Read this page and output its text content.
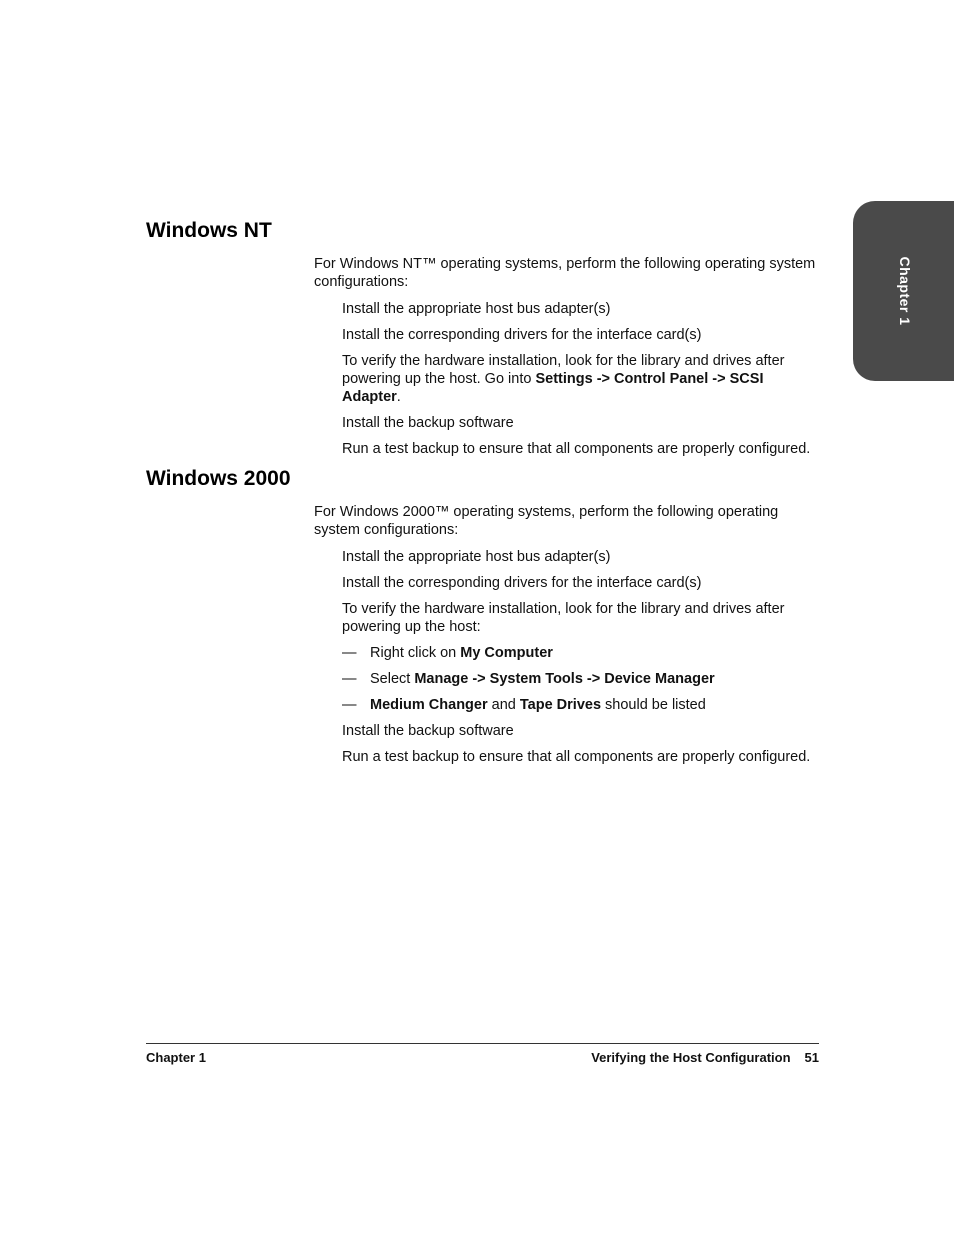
Chapter 1
Windows NT

For Windows NT™ operating systems, perform the following operating system configurations:

Install the appropriate host bus adapter(s)

Install the corresponding drivers for the interface card(s)

To verify the hardware installation, look for the library and drives after powering up the host. Go into Settings -> Control Panel -> SCSI Adapter.

Install the backup software

Run a test backup to ensure that all components are properly configured.

Windows 2000

For Windows 2000™ operating systems, perform the following operating system configurations:

Install the appropriate host bus adapter(s)

Install the corresponding drivers for the interface card(s)

To verify the hardware installation, look for the library and drives after powering up the host:

— Right click on My Computer

— Select Manage -> System Tools -> Device Manager

— Medium Changer and Tape Drives should be listed

Install the backup software

Run a test backup to ensure that all components are properly configured.

Chapter 1	Verifying the Host Configuration 51
